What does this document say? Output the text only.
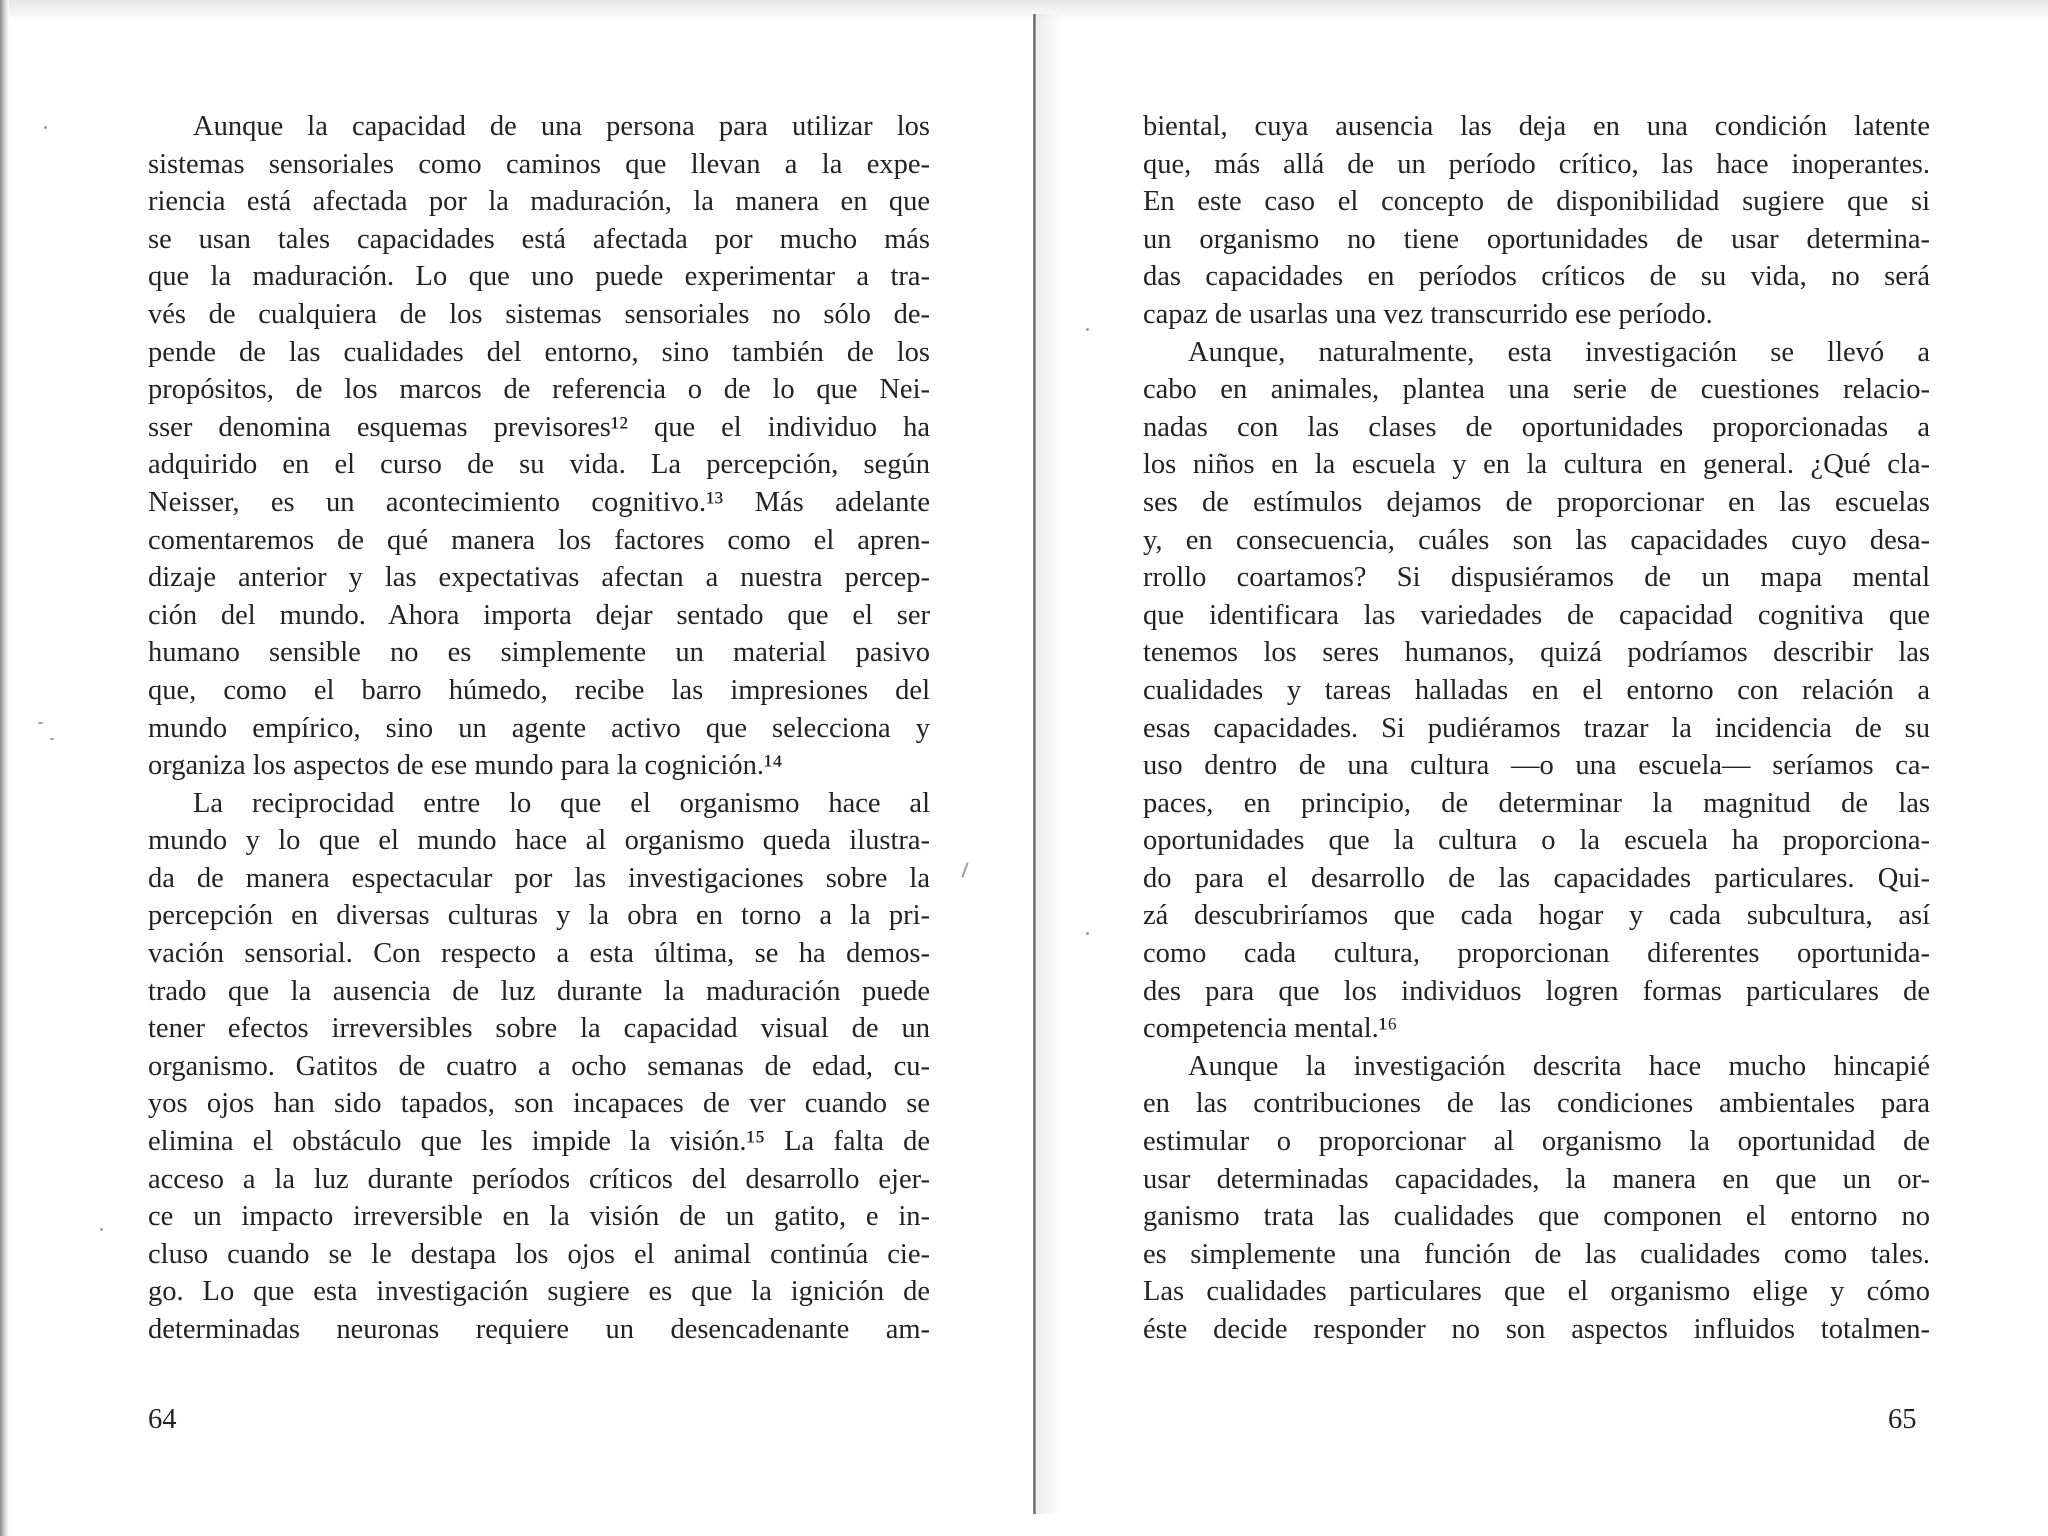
Aunque la capacidad de una persona para utilizar los
sistemas sensoriales como caminos que llevan a la expe-
riencia está afectada por la maduración, la manera en que
se usan tales capacidades está afectada por mucho más
que la maduración. Lo que uno puede experimentar a tra-
vés de cualquiera de los sistemas sensoriales no sólo de-
pende de las cualidades del entorno, sino también de los
propósitos, de los marcos de referencia o de lo que Nei-
sser denomina esquemas previsores¹² que el individuo ha
adquirido en el curso de su vida. La percepción, según
Neisser, es un acontecimiento cognitivo.¹³ Más adelante
comentaremos de qué manera los factores como el apren-
dizaje anterior y las expectativas afectan a nuestra percep-
ción del mundo. Ahora importa dejar sentado que el ser
humano sensible no es simplemente un material pasivo
que, como el barro húmedo, recibe las impresiones del
mundo empírico, sino un agente activo que selecciona y
organiza los aspectos de ese mundo para la cognición.¹⁴
La reciprocidad entre lo que el organismo hace al
mundo y lo que el mundo hace al organismo queda ilustra-
da de manera espectacular por las investigaciones sobre la
percepción en diversas culturas y la obra en torno a la pri-
vación sensorial. Con respecto a esta última, se ha demos-
trado que la ausencia de luz durante la maduración puede
tener efectos irreversibles sobre la capacidad visual de un
organismo. Gatitos de cuatro a ocho semanas de edad, cu-
yos ojos han sido tapados, son incapaces de ver cuando se
elimina el obstáculo que les impide la visión.¹⁵ La falta de
acceso a la luz durante períodos críticos del desarrollo ejer-
ce un impacto irreversible en la visión de un gatito, e in-
cluso cuando se le destapa los ojos el animal continúa cie-
go. Lo que esta investigación sugiere es que la ignición de
determinadas neuronas requiere un desencadenante am-
biental, cuya ausencia las deja en una condición latente
que, más allá de un período crítico, las hace inoperantes.
En este caso el concepto de disponibilidad sugiere que si
un organismo no tiene oportunidades de usar determina-
das capacidades en períodos críticos de su vida, no será
capaz de usarlas una vez transcurrido ese período.
Aunque, naturalmente, esta investigación se llevó a
cabo en animales, plantea una serie de cuestiones relacio-
nadas con las clases de oportunidades proporcionadas a
los niños en la escuela y en la cultura en general. ¿Qué cla-
ses de estímulos dejamos de proporcionar en las escuelas
y, en consecuencia, cuáles son las capacidades cuyo desa-
rrollo coartamos? Si dispusiéramos de un mapa mental
que identificara las variedades de capacidad cognitiva que
tenemos los seres humanos, quizá podríamos describir las
cualidades y tareas halladas en el entorno con relación a
esas capacidades. Si pudiéramos trazar la incidencia de su
uso dentro de una cultura —o una escuela— seríamos ca-
paces, en principio, de determinar la magnitud de las
oportunidades que la cultura o la escuela ha proporciona-
do para el desarrollo de las capacidades particulares. Qui-
zá descubriríamos que cada hogar y cada subcultura, así
como cada cultura, proporcionan diferentes oportunida-
des para que los individuos logren formas particulares de
competencia mental.¹⁶
Aunque la investigación descrita hace mucho hincapié
en las contribuciones de las condiciones ambientales para
estimular o proporcionar al organismo la oportunidad de
usar determinadas capacidades, la manera en que un or-
ganismo trata las cualidades que componen el entorno no
es simplemente una función de las cualidades como tales.
Las cualidades particulares que el organismo elige y cómo
éste decide responder no son aspectos influidos totalmen-
64	65
